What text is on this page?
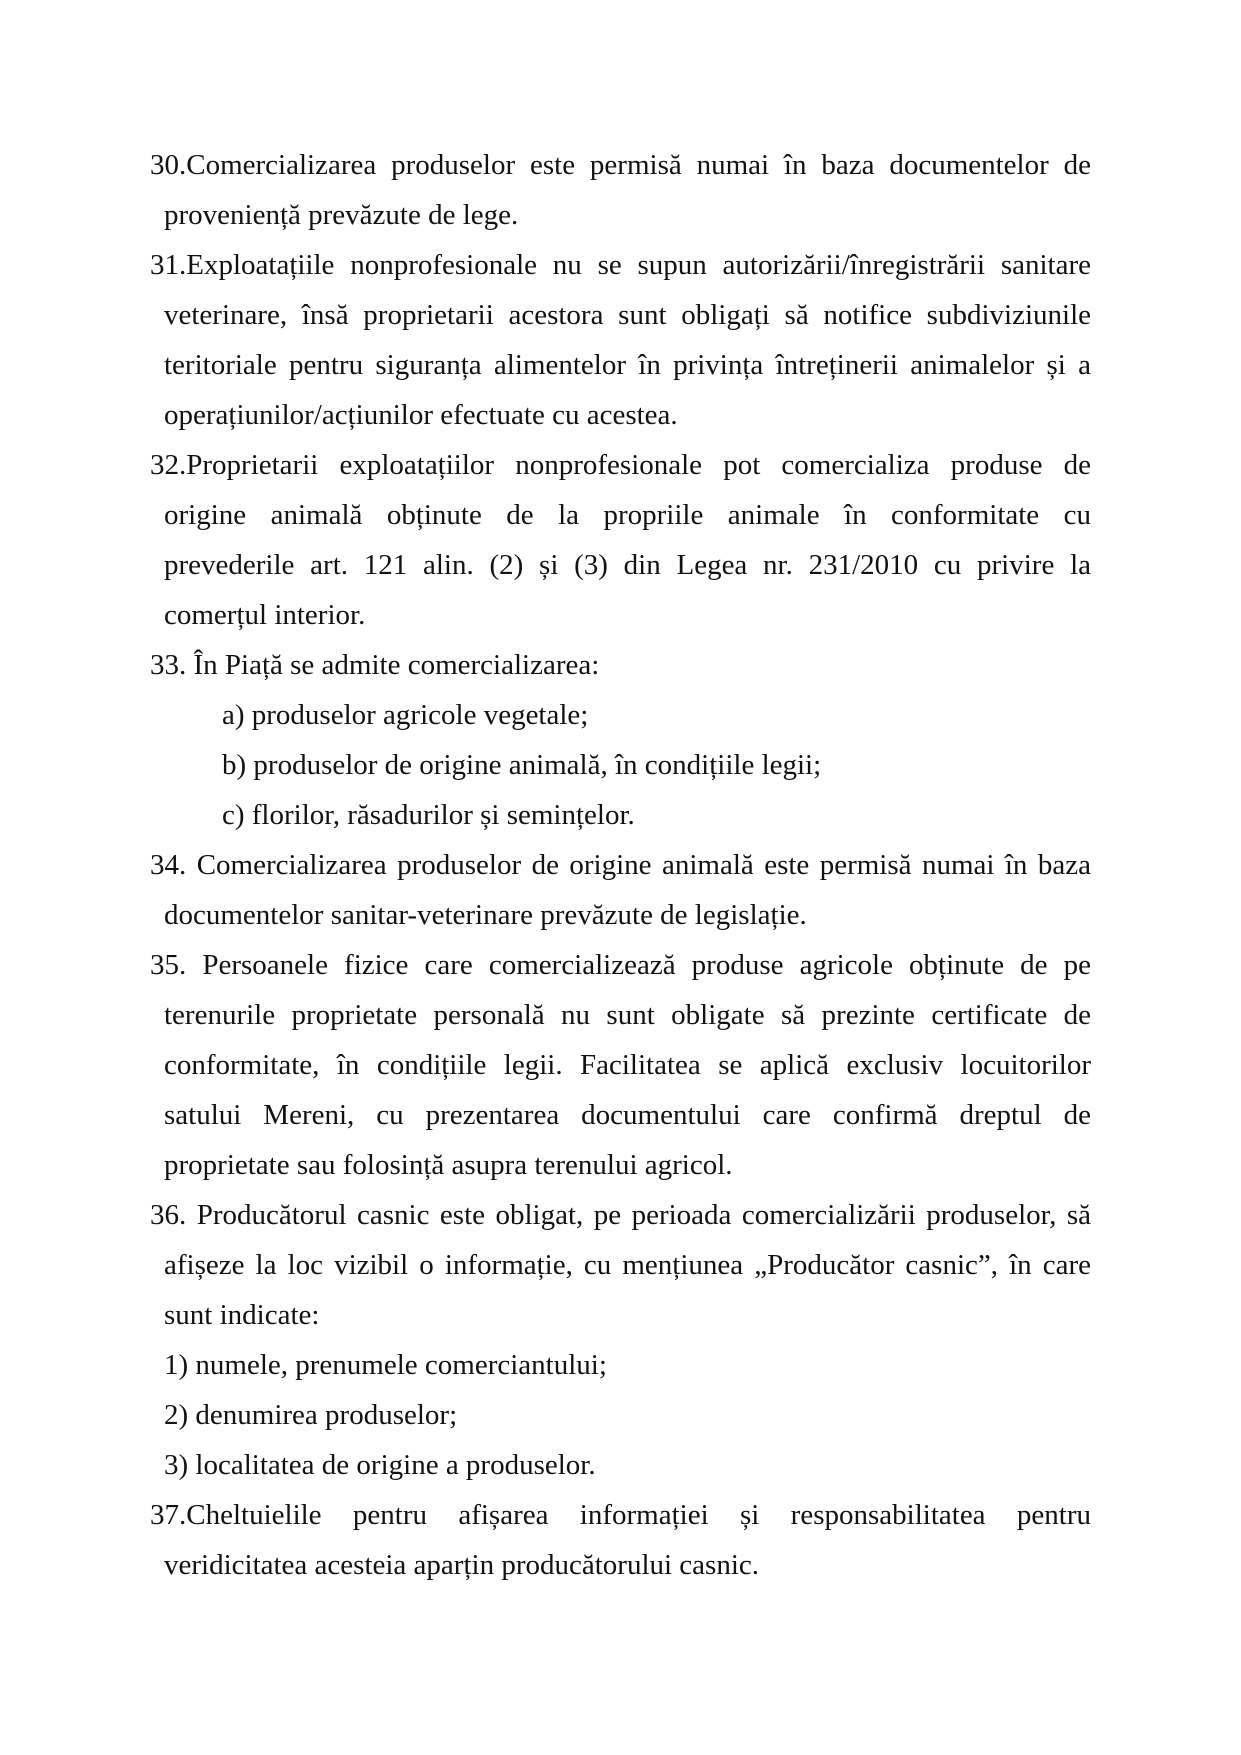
30.Comercializarea produselor este permisă numai în baza documentelor de
proveniență prevăzute de lege.
31.Exploatațiile nonprofesionale nu se supun autorizării/înregistrării sanitare
veterinare, însă proprietarii acestora sunt obligați să notifice subdiviziunile
teritoriale pentru siguranța alimentelor în privința întreținerii animalelor și a
operațiunilor/acțiunilor efectuate cu acestea.
32.Proprietarii exploatațiilor nonprofesionale pot comercializa produse de
origine animală obținute de la propriile animale în conformitate cu
prevederile art. 121 alin. (2) și (3) din Legea nr. 231/2010 cu privire la
comerțul interior.
33. În Piață se admite comercializarea:
a) produselor agricole vegetale;
b) produselor de origine animală, în condițiile legii;
c) florilor, răsadurilor și semințelor.
34. Comercializarea produselor de origine animală este permisă numai în baza
documentelor sanitar-veterinare prevăzute de legislație.
35. Persoanele fizice care comercializează produse agricole obținute de pe
terenurile proprietate personală nu sunt obligate să prezinte certificate de
conformitate, în condițiile legii. Facilitatea se aplică exclusiv locuitorilor
satului Mereni, cu prezentarea documentului care confirmă dreptul de
proprietate sau folosință asupra terenului agricol.
36. Producătorul casnic este obligat, pe perioada comercializării produselor, să
afișeze la loc vizibil o informație, cu mențiunea „Producător casnic”, în care
sunt indicate:
1) numele, prenumele comerciantului;
2) denumirea produselor;
3) localitatea de origine a produselor.
37.Cheltuielile pentru afișarea informației și responsabilitatea pentru
veridicitatea acesteia aparțin producătorului casnic.
